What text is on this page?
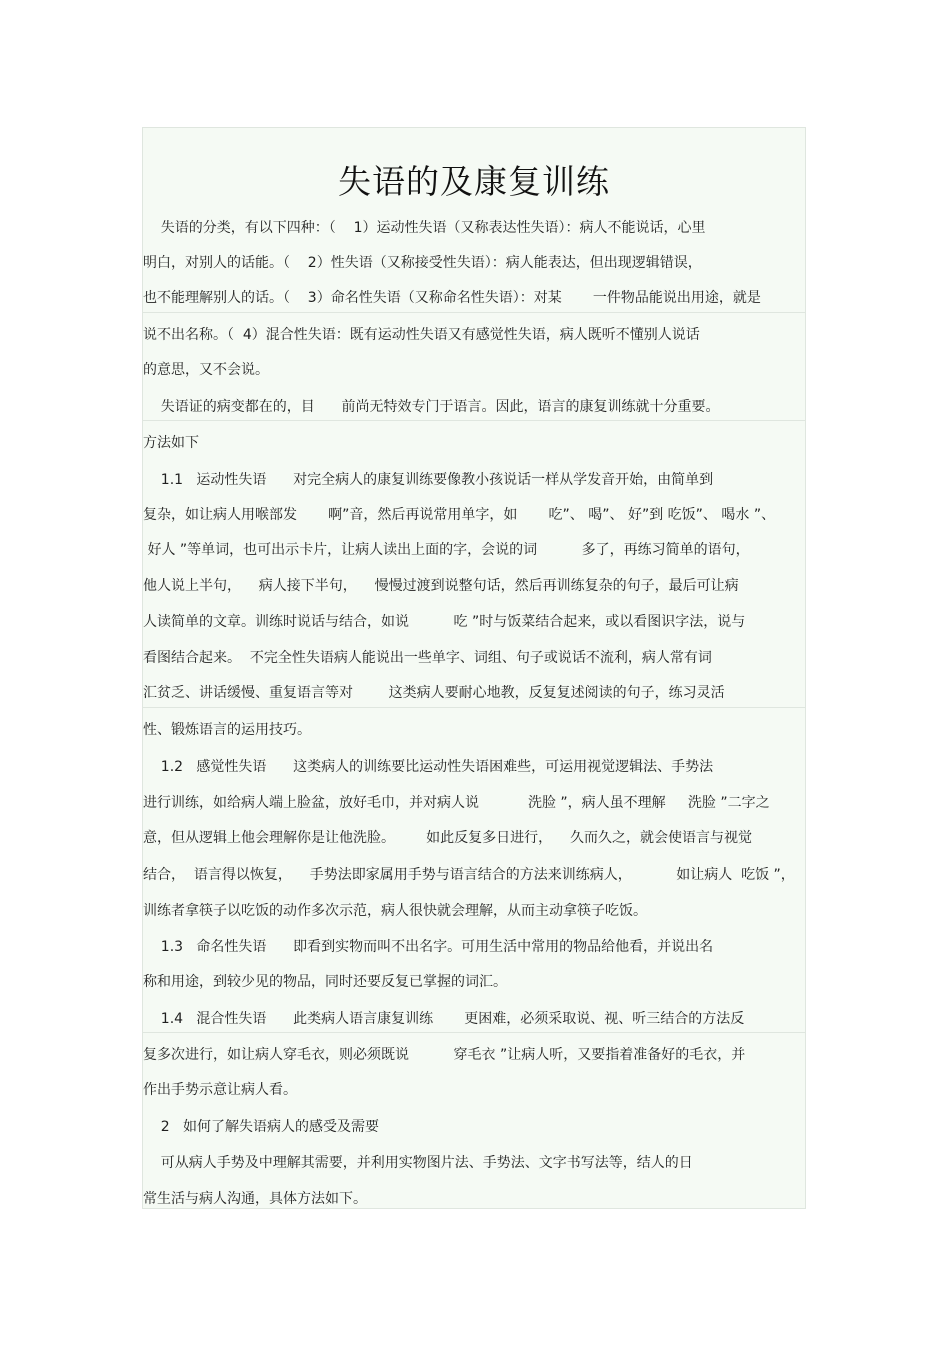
失语的及康复训练
失语的分类，有以下四种：（    1）运动性失语（又称表达性失语）：病人不能说话，心里
明白，对别人的话能。（    2）性失语（又称接受性失语）：病人能表达，但出现逻辑错误，
也不能理解别人的话。（    3）命名性失语（又称命名性失语）：对某       一件物品能说出用途，就是
说不出名称。（  4）混合性失语：既有运动性失语又有感觉性失语，病人既听不懂别人说话
的意思，又不会说。
失语证的病变都在的，目      前尚无特效专门于语言。因此，语言的康复训练就十分重要。
方法如下
1.1   运动性失语      对完全病人的康复训练要像教小孩说话一样从学发音开始，由简单到
复杂，如让病人用喉部发       啊”音，然后再说常用单字，如       吃”、 喝”、 好”到 吃饭”、 喝水 ”、
好人 ”等单词，也可出示卡片，让病人读出上面的字，会说的词          多了，再练习简单的语句，
他人说上半句，    病人接下半句，    慢慢过渡到说整句话，然后再训练复杂的句子，最后可让病
人读简单的文章。训练时说话与结合，如说          吃 ”时与饭菜结合起来，或以看图识字法，说与
看图结合起来。  不完全性失语病人能说出一些单字、词组、句子或说话不流利，病人常有词
汇贫乏、讲话缓慢、重复语言等对        这类病人要耐心地教，反复复述阅读的句子，练习灵活
性、锻炼语言的运用技巧。
1.2   感觉性失语      这类病人的训练要比运动性失语困难些，可运用视觉逻辑法、手势法
进行训练，如给病人端上脸盆，放好毛巾，并对病人说           洗脸 ”，病人虽不理解     洗脸 ”二字之
意，但从逻辑上他会理解你是让他洗脸。       如此反复多日进行，    久而久之，就会使语言与视觉
结合，  语言得以恢复，    手势法即家属用手势与语言结合的方法来训练病人，          如让病人  吃饭 ”，
训练者拿筷子以吃饭的动作多次示范，病人很快就会理解，从而主动拿筷子吃饭。
1.3   命名性失语      即看到实物而叫不出名字。可用生活中常用的物品给他看，并说出名
称和用途，到较少见的物品，同时还要反复已掌握的词汇。
1.4   混合性失语      此类病人语言康复训练       更困难，必须采取说、视、听三结合的方法反
复多次进行，如让病人穿毛衣，则必须既说          穿毛衣 ”让病人听，又要指着准备好的毛衣，并
作出手势示意让病人看。
2   如何了解失语病人的感受及需要
可从病人手势及中理解其需要，并利用实物图片法、手势法、文字书写法等，结人的日
常生活与病人沟通，具体方法如下。
